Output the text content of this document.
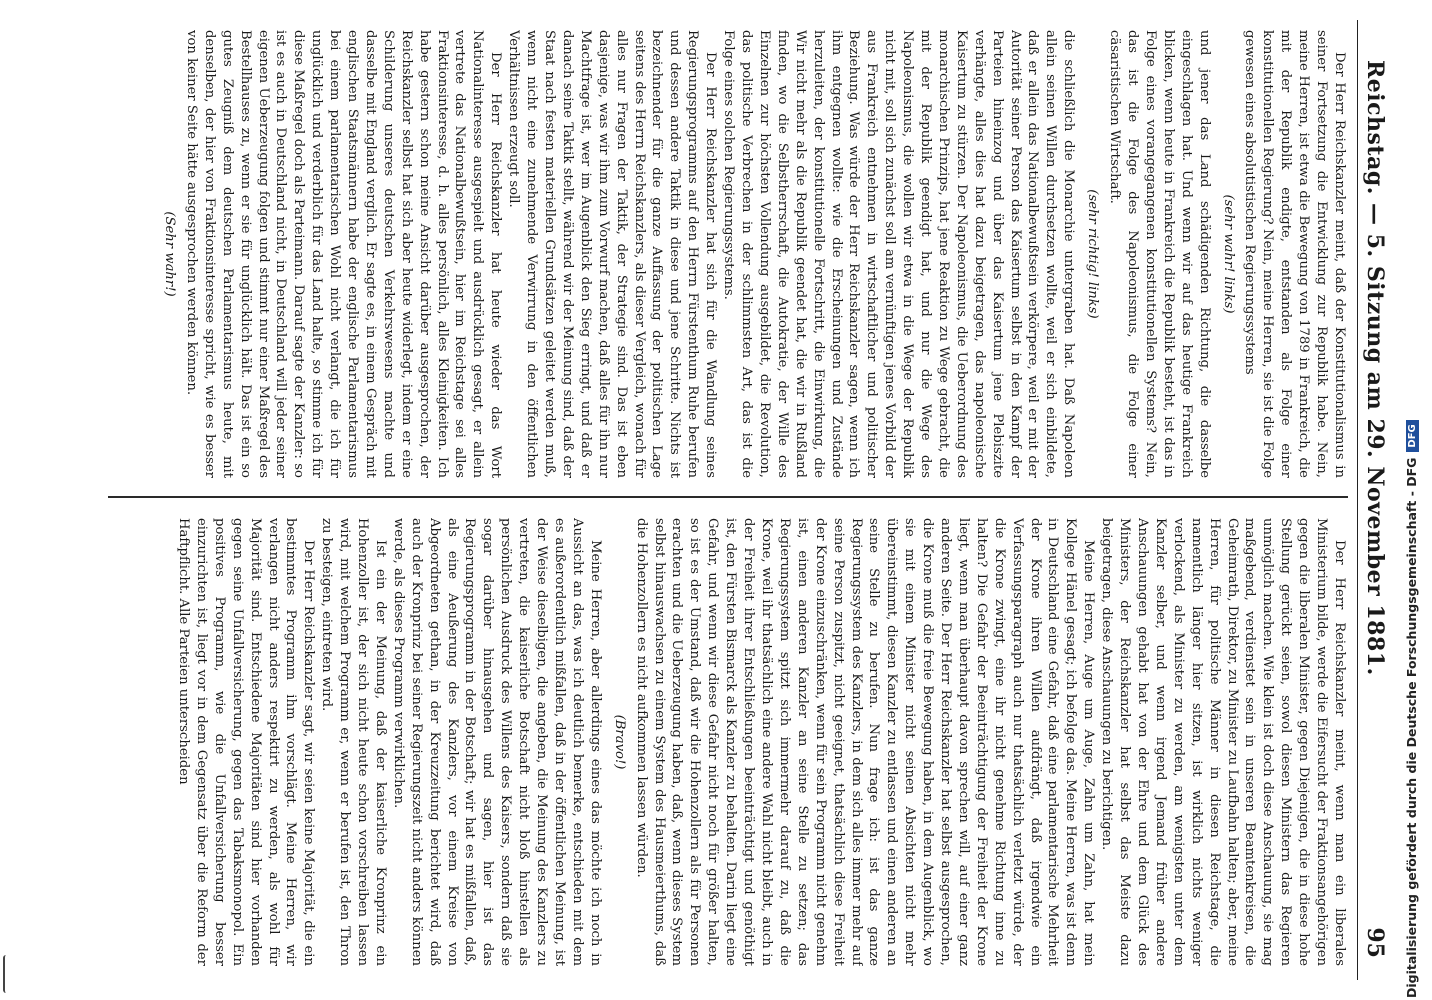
Reichstag. — 5. Sitzung am 29. November 1881.
95

Der Herr Reichskanzler meint, daß der Konstitutionalismus in seiner Fortsetzung die Entwicklung zur Republik habe. Nein, meine Herren, ist etwa die Bewegung von 1789 in Frankreich, die mit der Republik endigte, entstanden als Folge einer konstitutionellen Regierung? Nein, meine Herren, sie ist die Folge gewesen eines absolutistischen Regierungssystems

(sehr wahr! links)

und jener das Land schädigenden Richtung, die dasselbe eingeschlagen hat. Und wenn wir auf das heutige Frankreich blicken, wenn heute in Frankreich die Republik besteht, ist das in Folge eines vorangegangenen konstitutionellen Systems? Nein, das ist die Folge des Napoleonismus, die Folge einer cäsaristischen Wirtschaft.

(sehr richtig! links)

die schließlich die Monarchie untergraben hat. Daß Napoleon allein seinen Willen durchsetzen wollte, weil er sich einbildete, daß er allein das Nationalbewußtsein verkörpere, weil er mit der Autorität seiner Person das Kaisertum selbst in den Kampf der Parteien hineinzog und über das Kaisertum jene Plebiszite verhängte, alles dies hat dazu beigetragen, das napoleonische Kaisertum zu stürzen. Der Napoleonismus, die Ueberordnung des monarchischen Prinzips, hat jene Reaktion zu Wege gebracht, die mit der Republik geendigt hat, und nur die Wege des Napoleonismus, die wollen wir etwa in die Wege der Republik nicht mit, soll sich zunächst soll am vernünftigen jenes Vorbild der aus Frankreich entnehmen in wirtschaftlicher und politischer Beziehung. Was würde der Herr Reichskanzler sagen, wenn ich ihm entgegnen wollte: wie die Erscheinungen und Zustände herzuleiten, der konstitutionelle Fortschritt, die Einwirkung, die Wir nicht mehr als die Republik geendet hat, die wir in Rußland finden, wo die Selbstherrschaft, die Autokratie, der Wille des Einzelnen zur höchsten Vollendung ausgebildet, die Revolution, das politische Verbrechen in der schlimmsten Art, das ist die Folge eines solchen Regierungssystems.

Der Herr Reichskanzler hat sich für die Wandlung seines Regierungsprogramms auf den Herrn Fürstenthum Ruhe berufen und dessen andere Taktik in diese und jene Schritte. Nichts ist bezeichnender für die ganze Auffassung der politischen Lage seitens des Herrn Reichskanzlers, als dieser Vergleich, wonach für alles nur Fragen der Taktik, der Strategie sind. Das ist eben dasjenige, was wir ihm zum Vorwurf machen, daß alles für ihn nur Machtfrage ist, wer im Augenblick den Sieg erringt, und daß er danach seine Taktik stellt, während wir der Meinung sind, daß der Staat nach festen materiellen Grundsätzen geleitet werden muß, wenn nicht eine zunehmende Verwirrung in den öffentlichen Verhältnissen erzeugt soll.

Der Herr Reichskanzler hat heute wieder das Wort Nationalinteresse ausgespielt und ausdrücklich gesagt, er allein vertrete das Nationalbewußtsein, hier im Reichstage sei alles Fraktionsinteresse, d. h. alles persönlich, alles Kleinigkeiten. Ich habe gestern schon meine Ansicht darüber ausgesprochen, der Reichskanzler selbst hat sich aber heute widerlegt, indem er eine Schilderung unseres deutschen Verkehrswesens machte und dasselbe mit England verglich. Er sagte es, in einem Gespräch mit englischen Staatsmännern habe der englische Parlamentarismus bei einem parlamentarischen Wohl nicht verlangt, die ich für unglücklich und verderblich für das Land halte, so stimme ich für diese Maßregel doch als Parteimann. Darauf sagte der Kanzler: so ist es auch in Deutschland nicht, in Deutschland will jeder seiner eigenen Ueberzeugung folgen und stimmt nur einer Maßregel des Bestellhauses zu, wenn er sie für unglücklich hält. Das ist ein so gutes Zeugniß dem deutschen Parlamentarismus heute, mit denselben, der hier von Fraktionsinteresse spricht, wie es besser von keiner Seite hätte ausgesprochen werden können.

(Sehr wahr!)

Der Herr Reichskanzler meint, wenn man ein liberales Ministerium bilde, werde die Eifersucht der Fraktionsangehörigen gegen die liberalen Minister, gegen Diejenigen, die in diese hohe Stellung gerückt seien, sowol diesen Ministern das Regieren unmöglich machen. Wie klein ist doch diese Anschauung, sie mag maßgebend, verdienstet sein in unseren Beamtenkreisen, die Geheimrath, Direktor, zu Minister zu Laufbahn halten; aber, meine Herren, für politische Männer in diesen Reichstage, die namentlich länger hier sitzen, ist wirklich nichts weniger verlockend, als Minister zu werden, am wenigsten unter dem Kanzler selber, und wenn irgend Jemand früher andere Anschauungen gehabt hat von der Ehre und dem Glück des Ministers, der Reichskanzler hat selbst das Meiste dazu beigetragen, diese Anschauungen zu berichtigen.

Meine Herren, Auge um Auge, Zahn um Zahn, hat mein Kollege Hänel gesagt; ich befolge das. Meine Herren, was ist denn in Deutschland eine Gefahr, daß eine parlamentarische Mehrheit der Krone ihren Willen aufdrängt, daß irgendwie ein Verfassungsparagraph auch nur thatsächlich verletzt würde, der die Krone zwingt, eine ihr nicht genehme Richtung inne zu halten? Die Gefahr der Beeinträchtigung der Freiheit der Krone liegt, wenn man überhaupt davon sprechen will, auf einer ganz anderen Seite. Der Herr Reichskanzler hat selbst ausgesprochen, die Krone muß die freie Bewegung haben, in dem Augenblick, wo sie mit einem Minister nicht seinen Absichten nicht mehr übereinstimmt, diesen Kanzler zu entlassen und einen anderen an seine Stelle zu berufen. Nun frage ich: ist das ganze Regierungssystem des Kanzlers, in dem sich alles immer mehr auf seine Person zuspitzt, nicht geeignet, thatsächlich diese Freiheit der Krone einzuschränken, wenn für sein Programm nicht genehm ist, einen anderen Kanzler an seine Stelle zu setzen; das Regierungssystem spitzt sich immermehr darauf zu, daß die Krone, weil ihr thatsächlich eine andere Wahl nicht bleibt, auch in der Freiheit ihrer Entschließungen beeinträchtigt und genöthigt ist, den Fürsten Bismarck als Kanzler zu behalten. Darin liegt eine Gefahr, und wenn wir diese Gefahr nicht noch für größer halten, so ist es der Umstand, daß wir die Hohenzollern als für Personen erachten und die Ueberzeugung haben, daß, wenn dieses System selbst hinauswachsen zu einem System des Hausmeierthums, daß die Hohenzollern es nicht aufkommen lassen würden.

(Bravo!)

Meine Herren, aber allerdings eines das möchte ich noch in Aussicht an das, was ich deutlich bemerke, entschieden mit dem es außerordentlich mißfallen, daß in der öffentlichen Meinung, ist der Weise dieselbigen, die angeben, die Meinung des Kanzlers zu vertreten, die kaiserliche Botschaft nicht bloß hinstellen als persönlichen Ausdruck des Willens des Kaisers, sondern daß sie sogar darüber hinausgehen und sagen, hier ist das Regierungsprogramm in der Botschaft; wir hat es mißfallen, daß, als eine Aeußerung des Kanzlers, vor einem Kreise von Abgeordneten gethan, in der Kreuzzeitung berichtet wird, daß auch der Kronprinz bei seiner Regierungszeit nicht anders können werde, als dieses Programm verwirklichen.

Ist ein der Meinung, daß der kaiserliche Kronprinz ein Hohenzoller ist, der sich nicht heute schon vorschreiben lassen wird, mit welchem Programm er, wenn er berufen ist, den Thron zu besteigen, eintreten wird.

Der Herr Reichskanzler sagt, wir seien keine Majorität, die ein bestimmtes Programm ihm vorschlägt. Meine Herren, wir verlangen nicht anders respektirt zu werden, als wohl für Majorität sind. Entschiedene Majoritäten sind hier vorhanden gegen seine Unfallversicherung, gegen das Tabaksmonopol. Ein positives Programm, wie die Unfallversicherung besser einzurichten ist, liegt vor in dem Gegensatz über die Reform der Haftpflicht. Alle Parteien unterscheiden	Digitalisierung gefördert durch die Deutsche Forschungsgemeinschaft - DFGDFG
